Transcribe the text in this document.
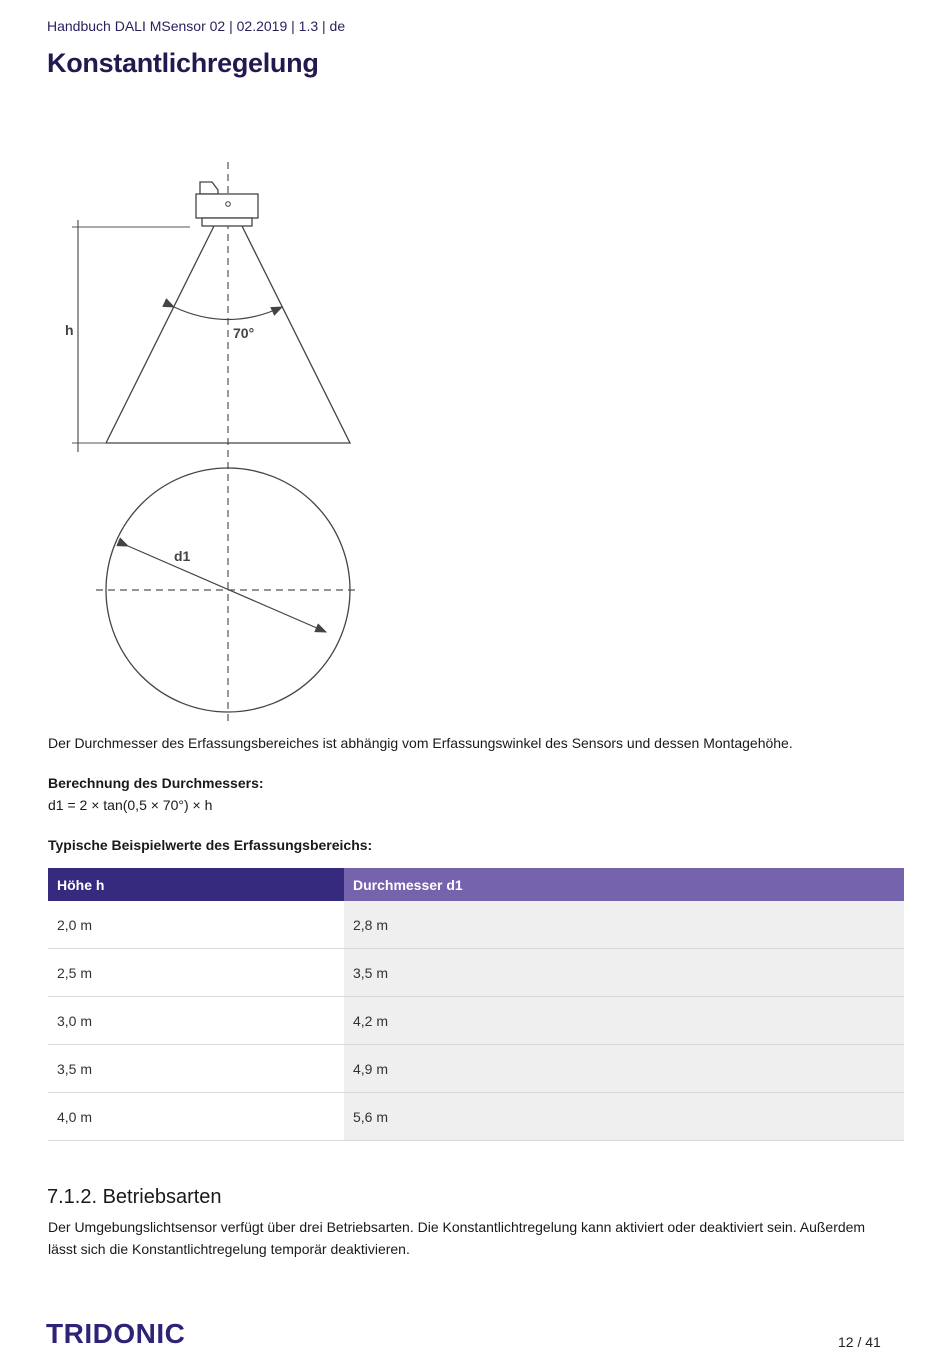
Handbuch DALI MSensor 02 | 02.2019 | 1.3 | de
Konstantlichregelung
h	70°
d1

Der Durchmesser des Erfassungsbereiches ist abhängig vom Erfassungswinkel des Sensors und dessen Montagehöhe.

Berechnung des Durchmessers:

d1 = 2 × tan(0,5 × 70°) × h

Typische Beispielwerte des Erfassungsbereichs:

Höhe h	Durchmesser d1
2,0 m	2,8 m
2,5 m	3,5 m
3,0 m	4,2 m
3,5 m	4,9 m
4,0 m	5,6 m
7.1.2. Betriebsarten

Der Umgebungslichtsensor verfügt über drei Betriebsarten. Die Konstantlichtregelung kann aktiviert oder deaktiviert sein. Außerdem

lässt sich die Konstantlichtregelung temporär deaktivieren.

TRIDONIC	12 / 41
